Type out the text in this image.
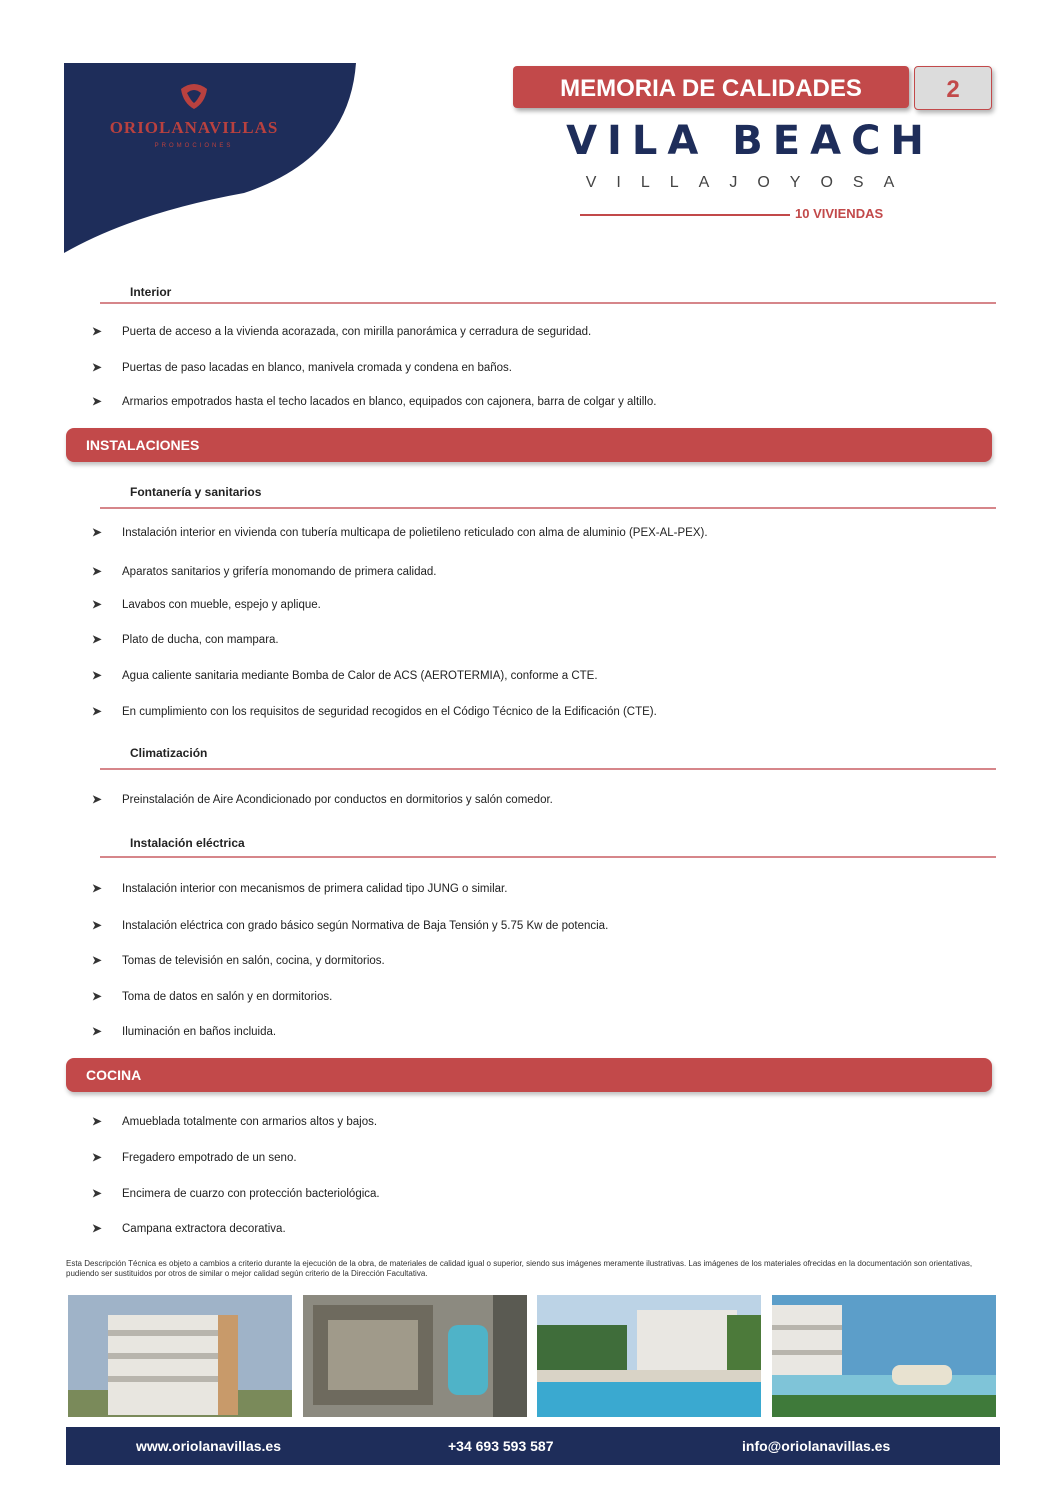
ORIOLANAVILLAS
PROMOCIONES
MEMORIA DE CALIDADES	2
VILA BEACH
VILLAJOYOSA
10 VIVIENDAS
Interior
➤ Puerta de acceso a la vivienda acorazada, con mirilla panorámica y cerradura de seguridad.
➤ Puertas de paso lacadas en blanco, manivela cromada y condena en baños.
➤ Armarios empotrados hasta el techo lacados en blanco, equipados con cajonera, barra de colgar y altillo.
INSTALACIONES
Fontanería y sanitarios
➤ Instalación interior en vivienda con tubería multicapa de polietileno reticulado con alma de aluminio (PEX-AL-PEX).
➤ Aparatos sanitarios y grifería monomando de primera calidad.
➤ Lavabos con mueble, espejo y aplique.
➤ Plato de ducha, con mampara.
➤ Agua caliente sanitaria mediante Bomba de Calor de ACS (AEROTERMIA), conforme a CTE.
➤ En cumplimiento con los requisitos de seguridad recogidos en el Código Técnico de la Edificación (CTE).
Climatización
➤ Preinstalación de Aire Acondicionado por conductos en dormitorios y salón comedor.
Instalación eléctrica
➤ Instalación interior con mecanismos de primera calidad tipo JUNG o similar.
➤ Instalación eléctrica con grado básico según Normativa de Baja Tensión y 5.75 Kw de potencia.
➤ Tomas de televisión en salón, cocina, y dormitorios.
➤ Toma de datos en salón y en dormitorios.
➤ Iluminación en baños incluida.
COCINA
➤ Amueblada totalmente con armarios altos y bajos.
➤ Fregadero empotrado de un seno.
➤ Encimera de cuarzo con protección bacteriológica.
➤ Campana extractora decorativa.
Esta Descripción Técnica es objeto a cambios a criterio durante la ejecución de la obra, de materiales de calidad igual o superior, siendo sus imágenes meramente ilustrativas. Las imágenes de los materiales ofrecidas en la documentación son orientativas, pudiendo ser sustituidos por otros de similar o mejor calidad según criterio de la Dirección Facultativa.
www.oriolanavillas.es	+34 693 593 587	info@oriolanavillas.es
